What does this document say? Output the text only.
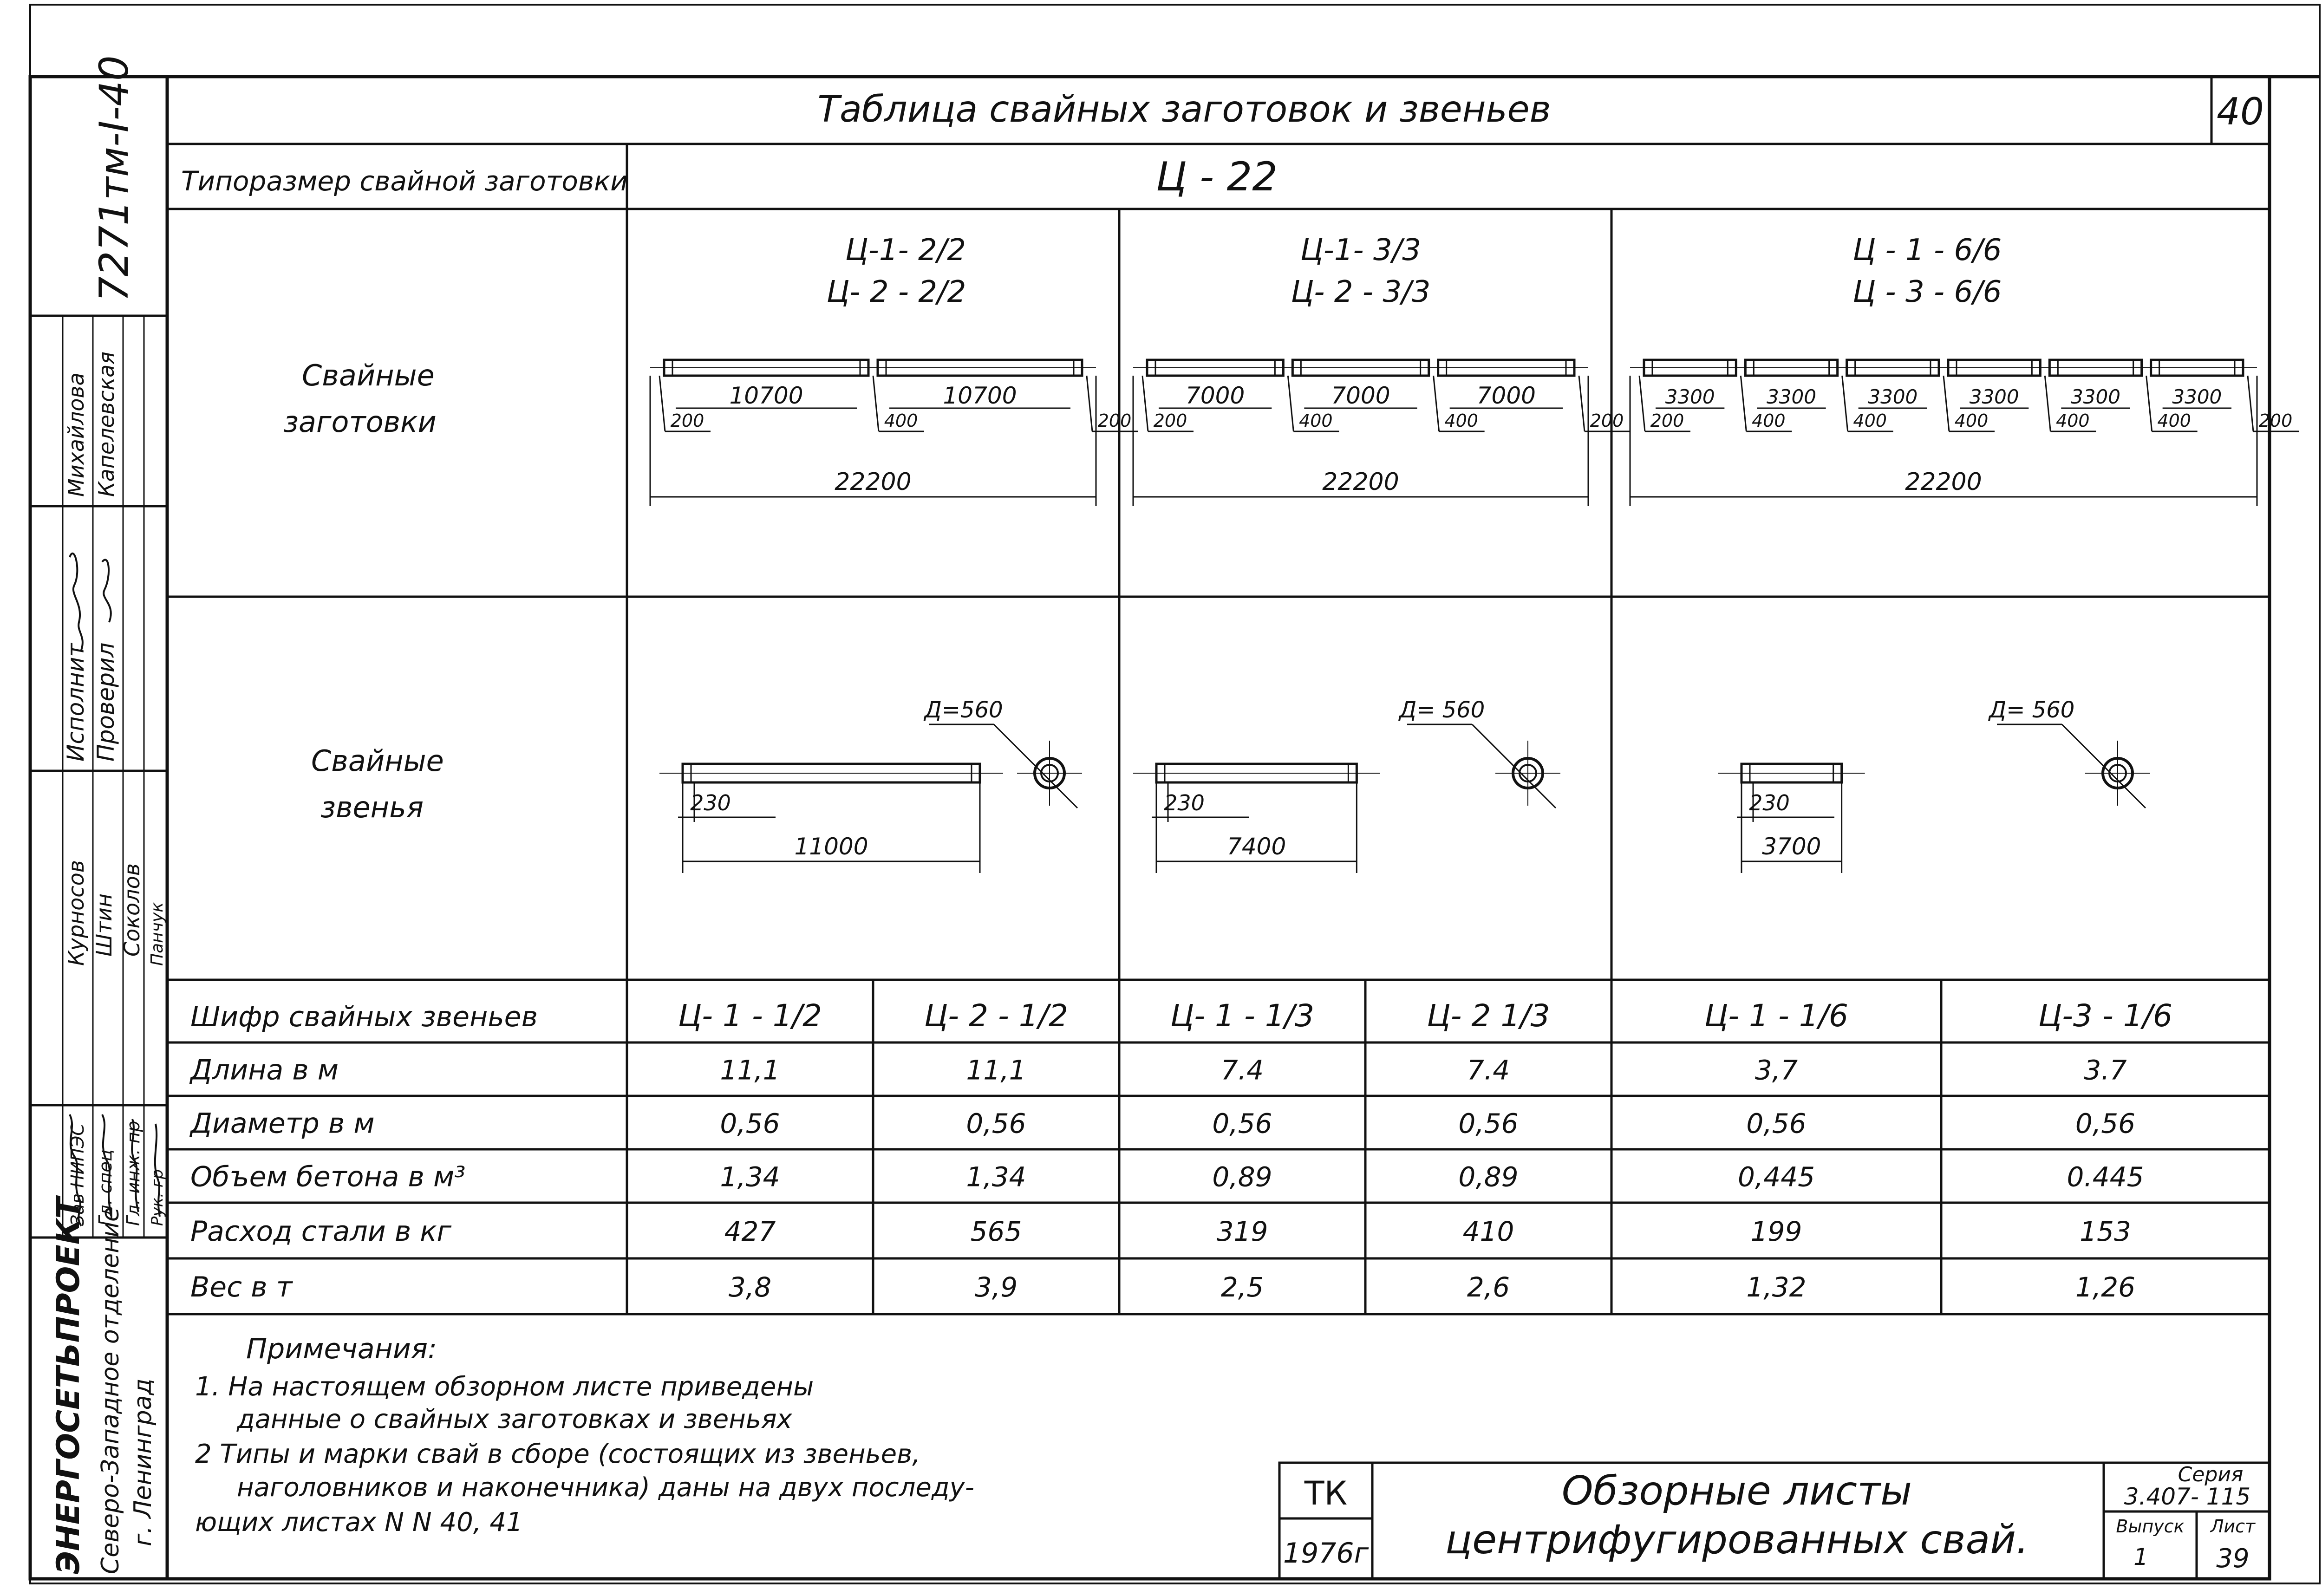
Таблица свайных заготовок и звеньев	40
Типоразмер свайной заготовки	Ц - 22
Свайные
заготовки
Ц-1- 2/2
Ц- 2 - 2/2
Ц-1- 3/3
Ц- 2 - 3/3
Ц - 1 - 6/6
Ц - 3 - 6/6
10700	10700
200	400	200
22200
7000	7000	7000
200	400	400	200
22200
3300	3300	3300	3300	3300	3300
200	400	400	400	400	400	200
22200
Свайные
звенья
11000
230
Д=560
7400
230
Д= 560
3700
230
Д= 560
Шифр свайных звеньев	Ц- 1 - 1/2	Ц- 2 - 1/2	Ц- 1 - 1/3	Ц- 2 1/3	Ц- 1 - 1/6	Ц-3 - 1/6
Длина в м	11,1	11,1	7.4	7.4	3,7	3.7
Диаметр в м	0,56	0,56	0,56	0,56	0,56	0,56
Объем бетона в м³	1,34	1,34	0,89	0,89	0,445	0.445
Расход стали в кг	427	565	319	410	199	153
Вес в т	3,8	3,9	2,5	2,6	1,32	1,26
Примечания:
1. На настоящем обзорном листе приведены
данные о свайных заготовках и звеньях
2 Типы и марки свай в сборе (состоящих из звеньев,
наголовников и наконечника) даны на двух последу-
ющих листах N N 40, 41
ТК
1976г
Обзорные листы
центрифугированных свай.
Серия
3.407- 115
Выпуск
1
Лист
39
7271тм-I-40
Исполнит Проверил
Михайлова Капелевская
Курносов Штин Соколов Панчук
Зав НИПЭС Гл. спец Гл. инж. пр Рук. гр
ЭНЕРГОСЕТЬПРОЕКТ Северо-Западное отделение г. Ленинград
